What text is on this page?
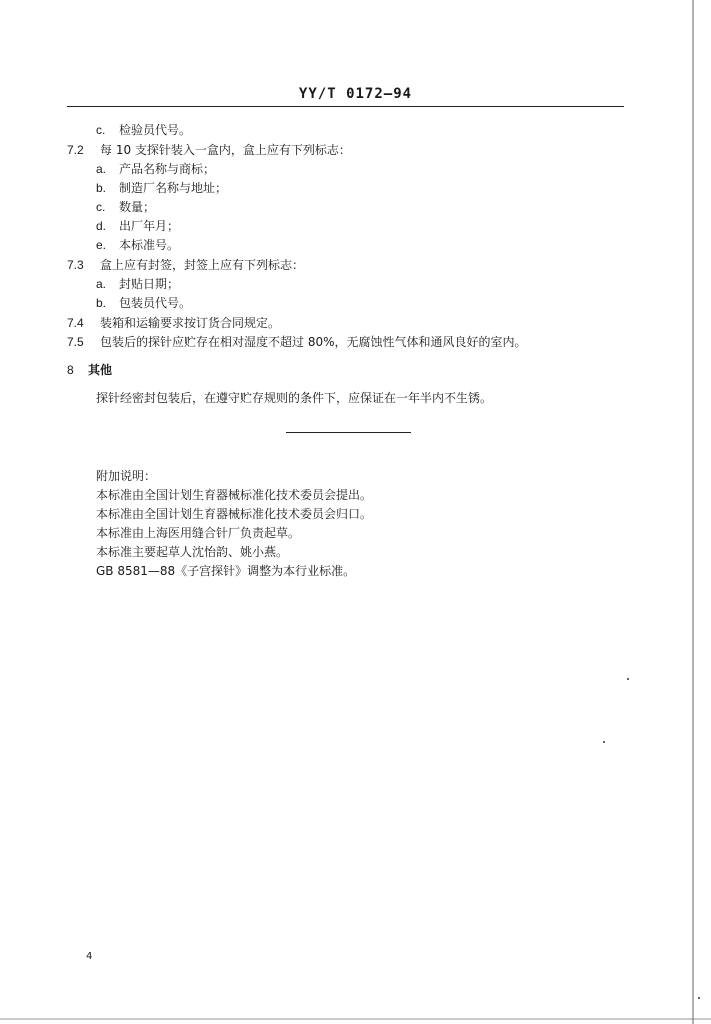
YY/T 0172—94
c. 检验员代号。
7.2 每 10 支探针装入一盒内，盒上应有下列标志：
a. 产品名称与商标；
b. 制造厂名称与地址；
c. 数量；
d. 出厂年月；
e. 本标准号。
7.3 盒上应有封签，封签上应有下列标志：
a. 封贴日期；
b. 包装员代号。
7.4 装箱和运输要求按订货合同规定。
7.5 包装后的探针应贮存在相对湿度不超过 80%，无腐蚀性气体和通风良好的室内。
8 其他
探针经密封包装后，在遵守贮存规则的条件下，应保证在一年半内不生锈。
附加说明：
本标准由全国计划生育器械标准化技术委员会提出。
本标准由全国计划生育器械标准化技术委员会归口。
本标准由上海医用缝合针厂负责起草。
本标准主要起草人沈怡韵、姚小燕。
GB 8581—88《子宫探针》调整为本行业标准。
4
